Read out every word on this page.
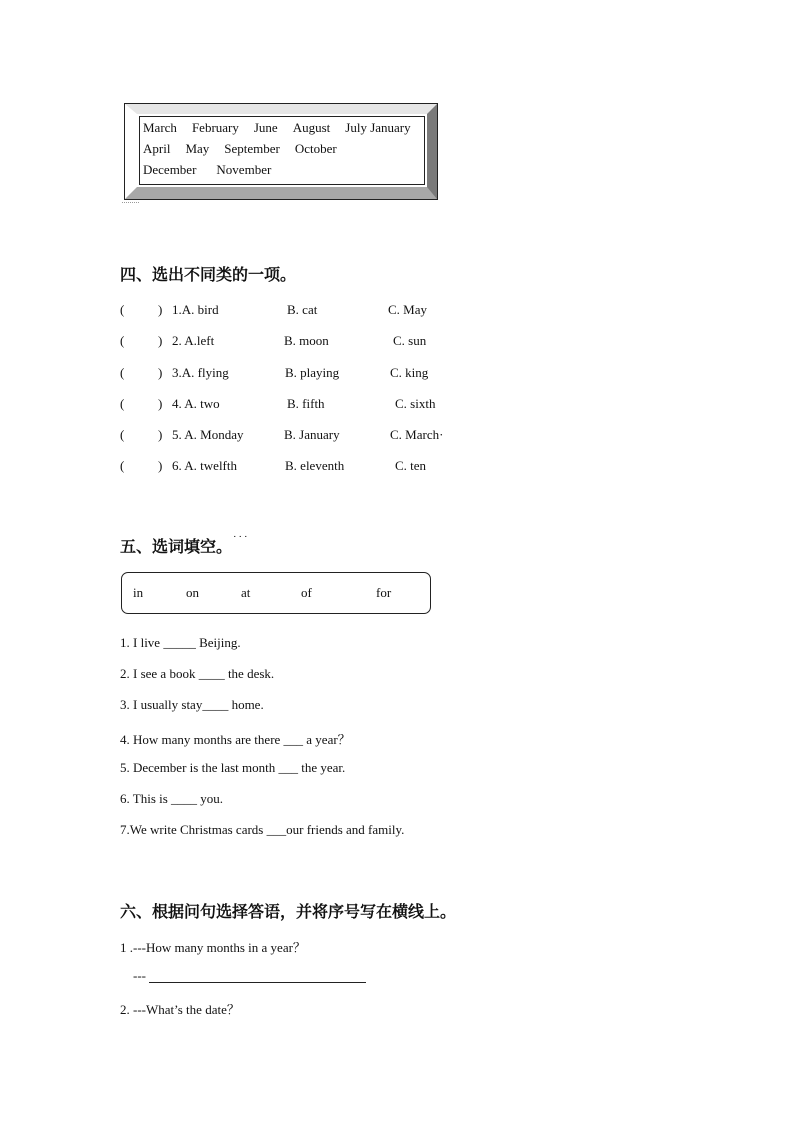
March February June August July January
April May September October
December November
四、选出不同类的一项。
(	) 1.A. bird	B. cat	C. May
(	) 2. A.left	B. moon	C. sun
(	) 3.A. flying	B. playing	C. king
(	) 4. A. two	B. fifth	C. sixth
(	) 5. A. Monday	B. January	C. March·
(	) 6. A. twelfth	B. eleventh	C. ten
五、选词填空。˙˙˙
in	on	at	of	for
1. I live _____ Beijing.
2. I see a book ____ the desk.
3. I usually stay____ home.
4. How many months are there ___ a year？
5. December is the last month ___ the year.
6. This is ____ you.
7.We write Christmas cards ___our friends and family.
六、根据问句选择答语，并将序号写在横线上。
1 .---How many months in a year？
---
2. ---What’s the date？
